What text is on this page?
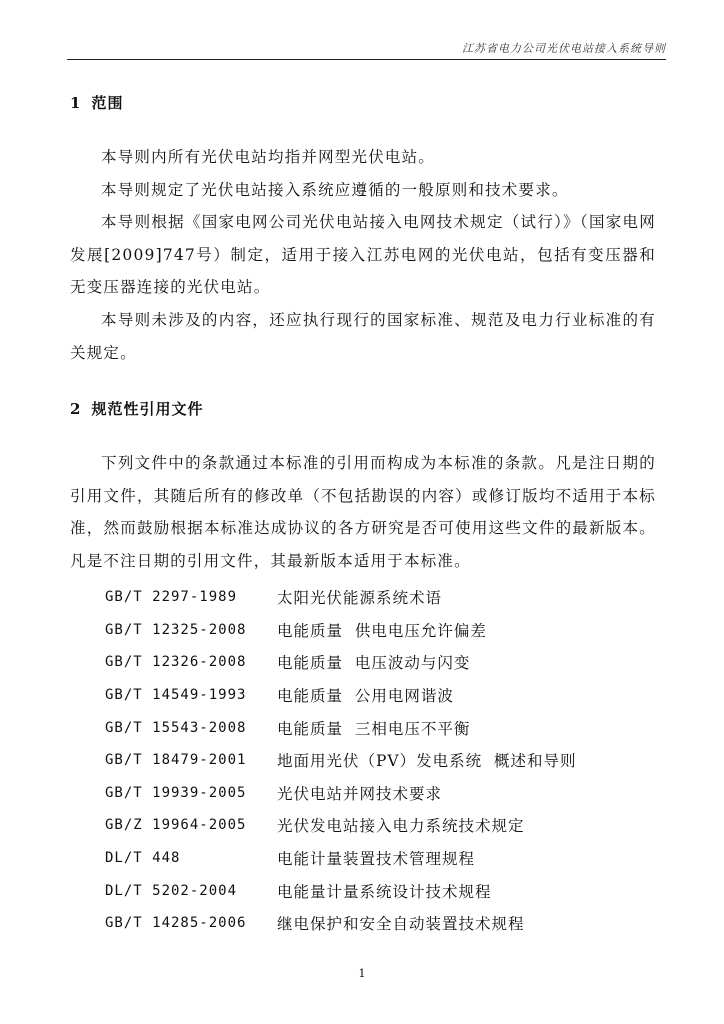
江苏省电力公司光伏电站接入系统导则
1 范围

本导则内所有光伏电站均指并网型光伏电站。

本导则规定了光伏电站接入系统应遵循的一般原则和技术要求。

本导则根据《国家电网公司光伏电站接入电网技术规定（试行）》（国家电网发展[2009]747号）制定，适用于接入江苏电网的光伏电站，包括有变压器和无变压器连接的光伏电站。

本导则未涉及的内容，还应执行现行的国家标准、规范及电力行业标准的有关规定。

2 规范性引用文件

下列文件中的条款通过本标准的引用而构成为本标准的条款。凡是注日期的引用文件，其随后所有的修改单（不包括勘误的内容）或修订版均不适用于本标准，然而鼓励根据本标准达成协议的各方研究是否可使用这些文件的最新版本。凡是不注日期的引用文件，其最新版本适用于本标准。

GB/T 2297-1989	太阳光伏能源系统术语
GB/T 12325-2008	电能质量  供电电压允许偏差
GB/T 12326-2008	电能质量  电压波动与闪变
GB/T 14549-1993	电能质量  公用电网谐波
GB/T 15543-2008	电能质量  三相电压不平衡
GB/T 18479-2001	地面用光伏（PV）发电系统  概述和导则
GB/T 19939-2005	光伏电站并网技术要求
GB/Z 19964-2005	光伏发电站接入电力系统技术规定
DL/T 448	电能计量装置技术管理规程
DL/T 5202-2004	电能量计量系统设计技术规程
GB/T 14285-2006	继电保护和安全自动装置技术规程
1
